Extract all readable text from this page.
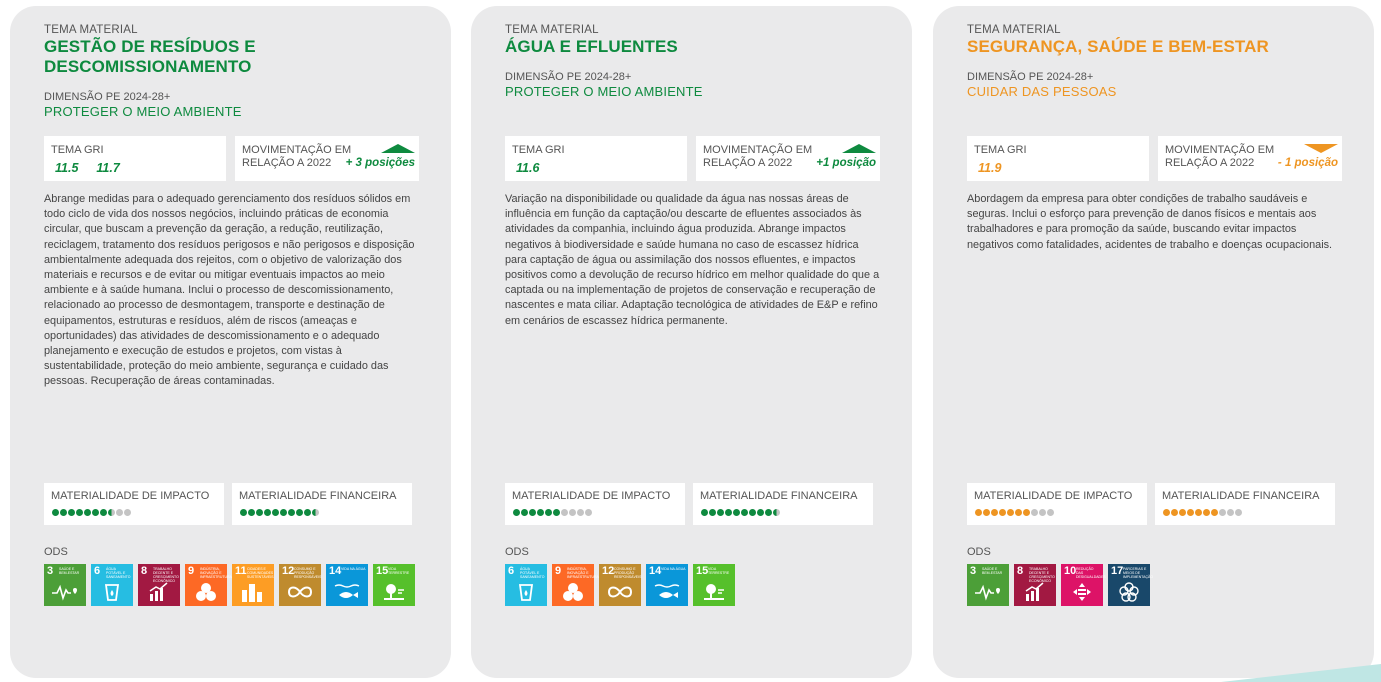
TEMA MATERIAL
GESTÃO DE RESÍDUOS E DESCOMISSIONAMENTO
DIMENSÃO PE 2024-28+
PROTEGER O MEIO AMBIENTE
TEMA GRI
11.5 11.7
MOVIMENTAÇÃO EM
RELAÇÃO A 2022	+ 3 posições
Abrange medidas para o adequado gerenciamento dos resíduos sólidos em todo ciclo de vida dos nossos negócios, incluindo práticas de economia circular, que buscam a prevenção da geração, a redução, reutilização, reciclagem, tratamento dos resíduos perigosos e não perigosos e disposição ambientalmente adequada dos rejeitos, com o objetivo de valorização dos materiais e recursos e de evitar ou mitigar eventuais impactos ao meio ambiente e à saúde humana. Inclui o processo de descomissionamento, relacionado ao processo de desmontagem, transporte e destinação de equipamentos, estruturas e resíduos, além de riscos (ameaças e oportunidades) das atividades de descomissionamento e o adequado planejamento e execução de estudos e projetos, com vistas à sustentabilidade, proteção do meio ambiente, segurança e cuidado das pessoas. Recuperação de áreas contaminadas.
MATERIALIDADE DE IMPACTO	MATERIALIDADE FINANCEIRA
ODS
3 SAÚDE E BEM-ESTAR	6 ÁGUA POTÁVEL E SANEAMENTO 8 TRABALHO DECENTE E CRESCIMENTO ECONÔMICO
9 INDÚSTRIA, INOVAÇÃO E INFRAESTRUTURA 11 CIDADES E COMUNIDADES SUSTENTÁVEIS 12 CONSUMO E PRODUÇÃO RESPONSÁVEIS 14 VIDA NA ÁGUA 15 VIDA TERRESTRE
TEMA MATERIAL
ÁGUA E EFLUENTES
DIMENSÃO PE 2024-28+
PROTEGER O MEIO AMBIENTE
TEMA GRI
11.6
MOVIMENTAÇÃO EM
RELAÇÃO A 2022	+1 posição
Variação na disponibilidade ou qualidade da água nas nossas áreas de influência em função da captação/ou descarte de efluentes associados às atividades da companhia, incluindo água produzida. Abrange impactos negativos à biodiversidade e saúde humana no caso de escassez hídrica para captação de água ou assimilação dos nossos efluentes, e impactos positivos como a devolução de recurso hídrico em melhor qualidade do que a captada ou na implementação de projetos de conservação e recuperação de nascentes e mata ciliar. Adaptação tecnológica de atividades de E&P e refino em cenários de escassez hídrica permanente.
MATERIALIDADE DE IMPACTO	MATERIALIDADE FINANCEIRA
ODS
6 ÁGUA POTÁVEL E SANEAMENTO 9 INDÚSTRIA, INOVAÇÃO E INFRAESTRUTURA 12 CONSUMO E PRODUÇÃO RESPONSÁVEIS 14 VIDA NA ÁGUA 15 VIDA TERRESTRE
TEMA MATERIAL
SEGURANÇA, SAÚDE E BEM-ESTAR
DIMENSÃO PE 2024-28+
CUIDAR DAS PESSOAS
TEMA GRI
11.9
MOVIMENTAÇÃO EM
RELAÇÃO A 2022	- 1 posição
Abordagem da empresa para obter condições de trabalho saudáveis e seguras. Inclui o esforço para prevenção de danos físicos e mentais aos trabalhadores e para promoção da saúde, buscando evitar impactos negativos como fatalidades, acidentes de trabalho e doenças ocupacionais.
MATERIALIDADE DE IMPACTO	MATERIALIDADE FINANCEIRA
ODS
3 SAÚDE E BEM-ESTAR	8 TRABALHO DECENTE E CRESCIMENTO ECONÔMICO
10 REDUÇÃO DAS DESIGUALDADES 17 PARCERIAS E MEIOS DE IMPLEMENTAÇÃO
